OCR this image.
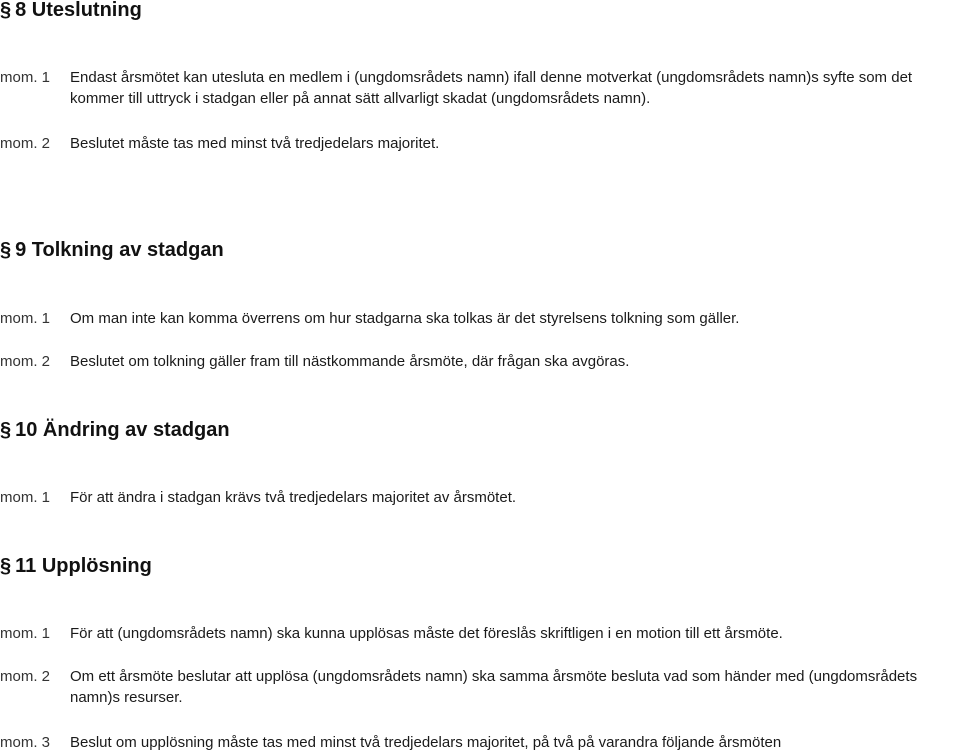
§ 8 Uteslutning
mom. 1 Endast årsmötet kan utesluta en medlem i (ungdomsrådets namn) ifall denne motverkat (ungdomsrådets namn)s syfte som det kommer till uttryck i stadgan eller på annat sätt allvarligt skadat (ungdomsrådets namn).
mom. 2 Beslutet måste tas med minst två tredjedelars majoritet.
§ 9 Tolkning av stadgan
mom. 1 Om man inte kan komma överrens om hur stadgarna ska tolkas är det styrelsens tolkning som gäller.
mom. 2 Beslutet om tolkning gäller fram till nästkommande årsmöte, där frågan ska avgöras.
§ 10 Ändring av stadgan
mom. 1 För att ändra i stadgan krävs två tredjedelars majoritet av årsmötet.
§ 11 Upplösning
mom. 1 För att (ungdomsrådets namn) ska kunna upplösas måste det föreslås skriftligen i en motion till ett årsmöte.
mom. 2 Om ett årsmöte beslutar att upplösa (ungdomsrådets namn) ska samma årsmöte besluta vad som händer med (ungdomsrådets namn)s resurser.
mom. 3 Beslut om upplösning måste tas med minst två tredjedelars majoritet, på två på varandra följande årsmöten
